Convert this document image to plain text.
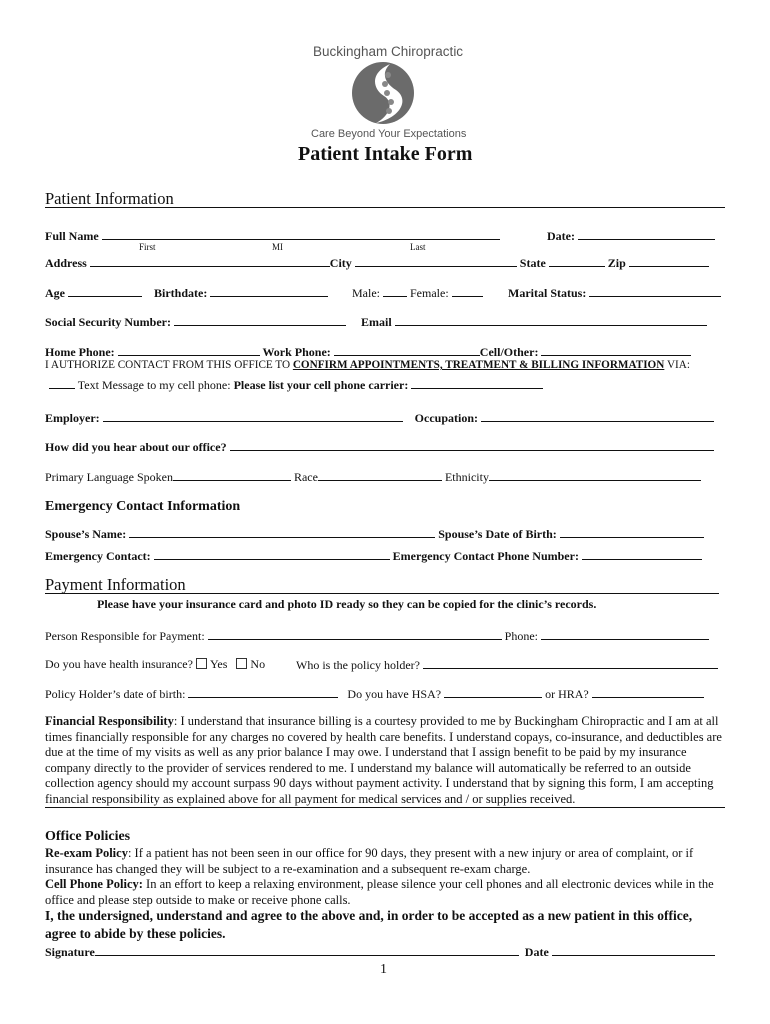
Buckingham Chiropractic
Care Beyond Your Expectations
Patient Intake Form
Patient Information
Full Name	Date:
First	MI	Last
Address	City	State	Zip
Age	Birthdate:	Male:	Female:	Marital Status:
Social Security Number:	Email
Home Phone:	Work Phone:	Cell/Other:
I AUTHORIZE CONTACT FROM THIS OFFICE TO CONFIRM APPOINTMENTS, TREATMENT & BILLING INFORMATION VIA:
Text Message to my cell phone: Please list your cell phone carrier:
Employer:	Occupation:
How did you hear about our office?
Primary Language Spoken	Race	Ethnicity
Emergency Contact Information
Spouse’s Name:	Spouse’s Date of Birth:
Emergency Contact:	Emergency Contact Phone Number:
Payment Information
Please have your insurance card and photo ID ready so they can be copied for the clinic’s records.
Person Responsible for Payment:	Phone:
Do you have health insurance? Yes No	Who is the policy holder?
Policy Holder’s date of birth:	Do you have HSA?	or HRA?
Financial Responsibility: I understand that insurance billing is a courtesy provided to me by Buckingham Chiropractic and I am at all times financially responsible for any charges no covered by health care benefits. I understand copays, co-insurance, and deductibles are due at the time of my visits as well as any prior balance I may owe. I understand that I assign benefit to be paid by my insurance company directly to the provider of services rendered to me. I understand my balance will automatically be referred to an outside collection agency should my account surpass 90 days without payment activity. I understand that by signing this form, I am accepting financial responsibility as explained above for all payment for medical services and / or supplies received.
Office Policies
Re-exam Policy: If a patient has not been seen in our office for 90 days, they present with a new injury or area of complaint, or if insurance has changed they will be subject to a re-examination and a subsequent re-exam charge.
Cell Phone Policy: In an effort to keep a relaxing environment, please silence your cell phones and all electronic devices while in the office and please step outside to make or receive phone calls.
I, the undersigned, understand and agree to the above and, in order to be accepted as a new patient in this office, agree to abide by these policies.
Signature	Date
1
